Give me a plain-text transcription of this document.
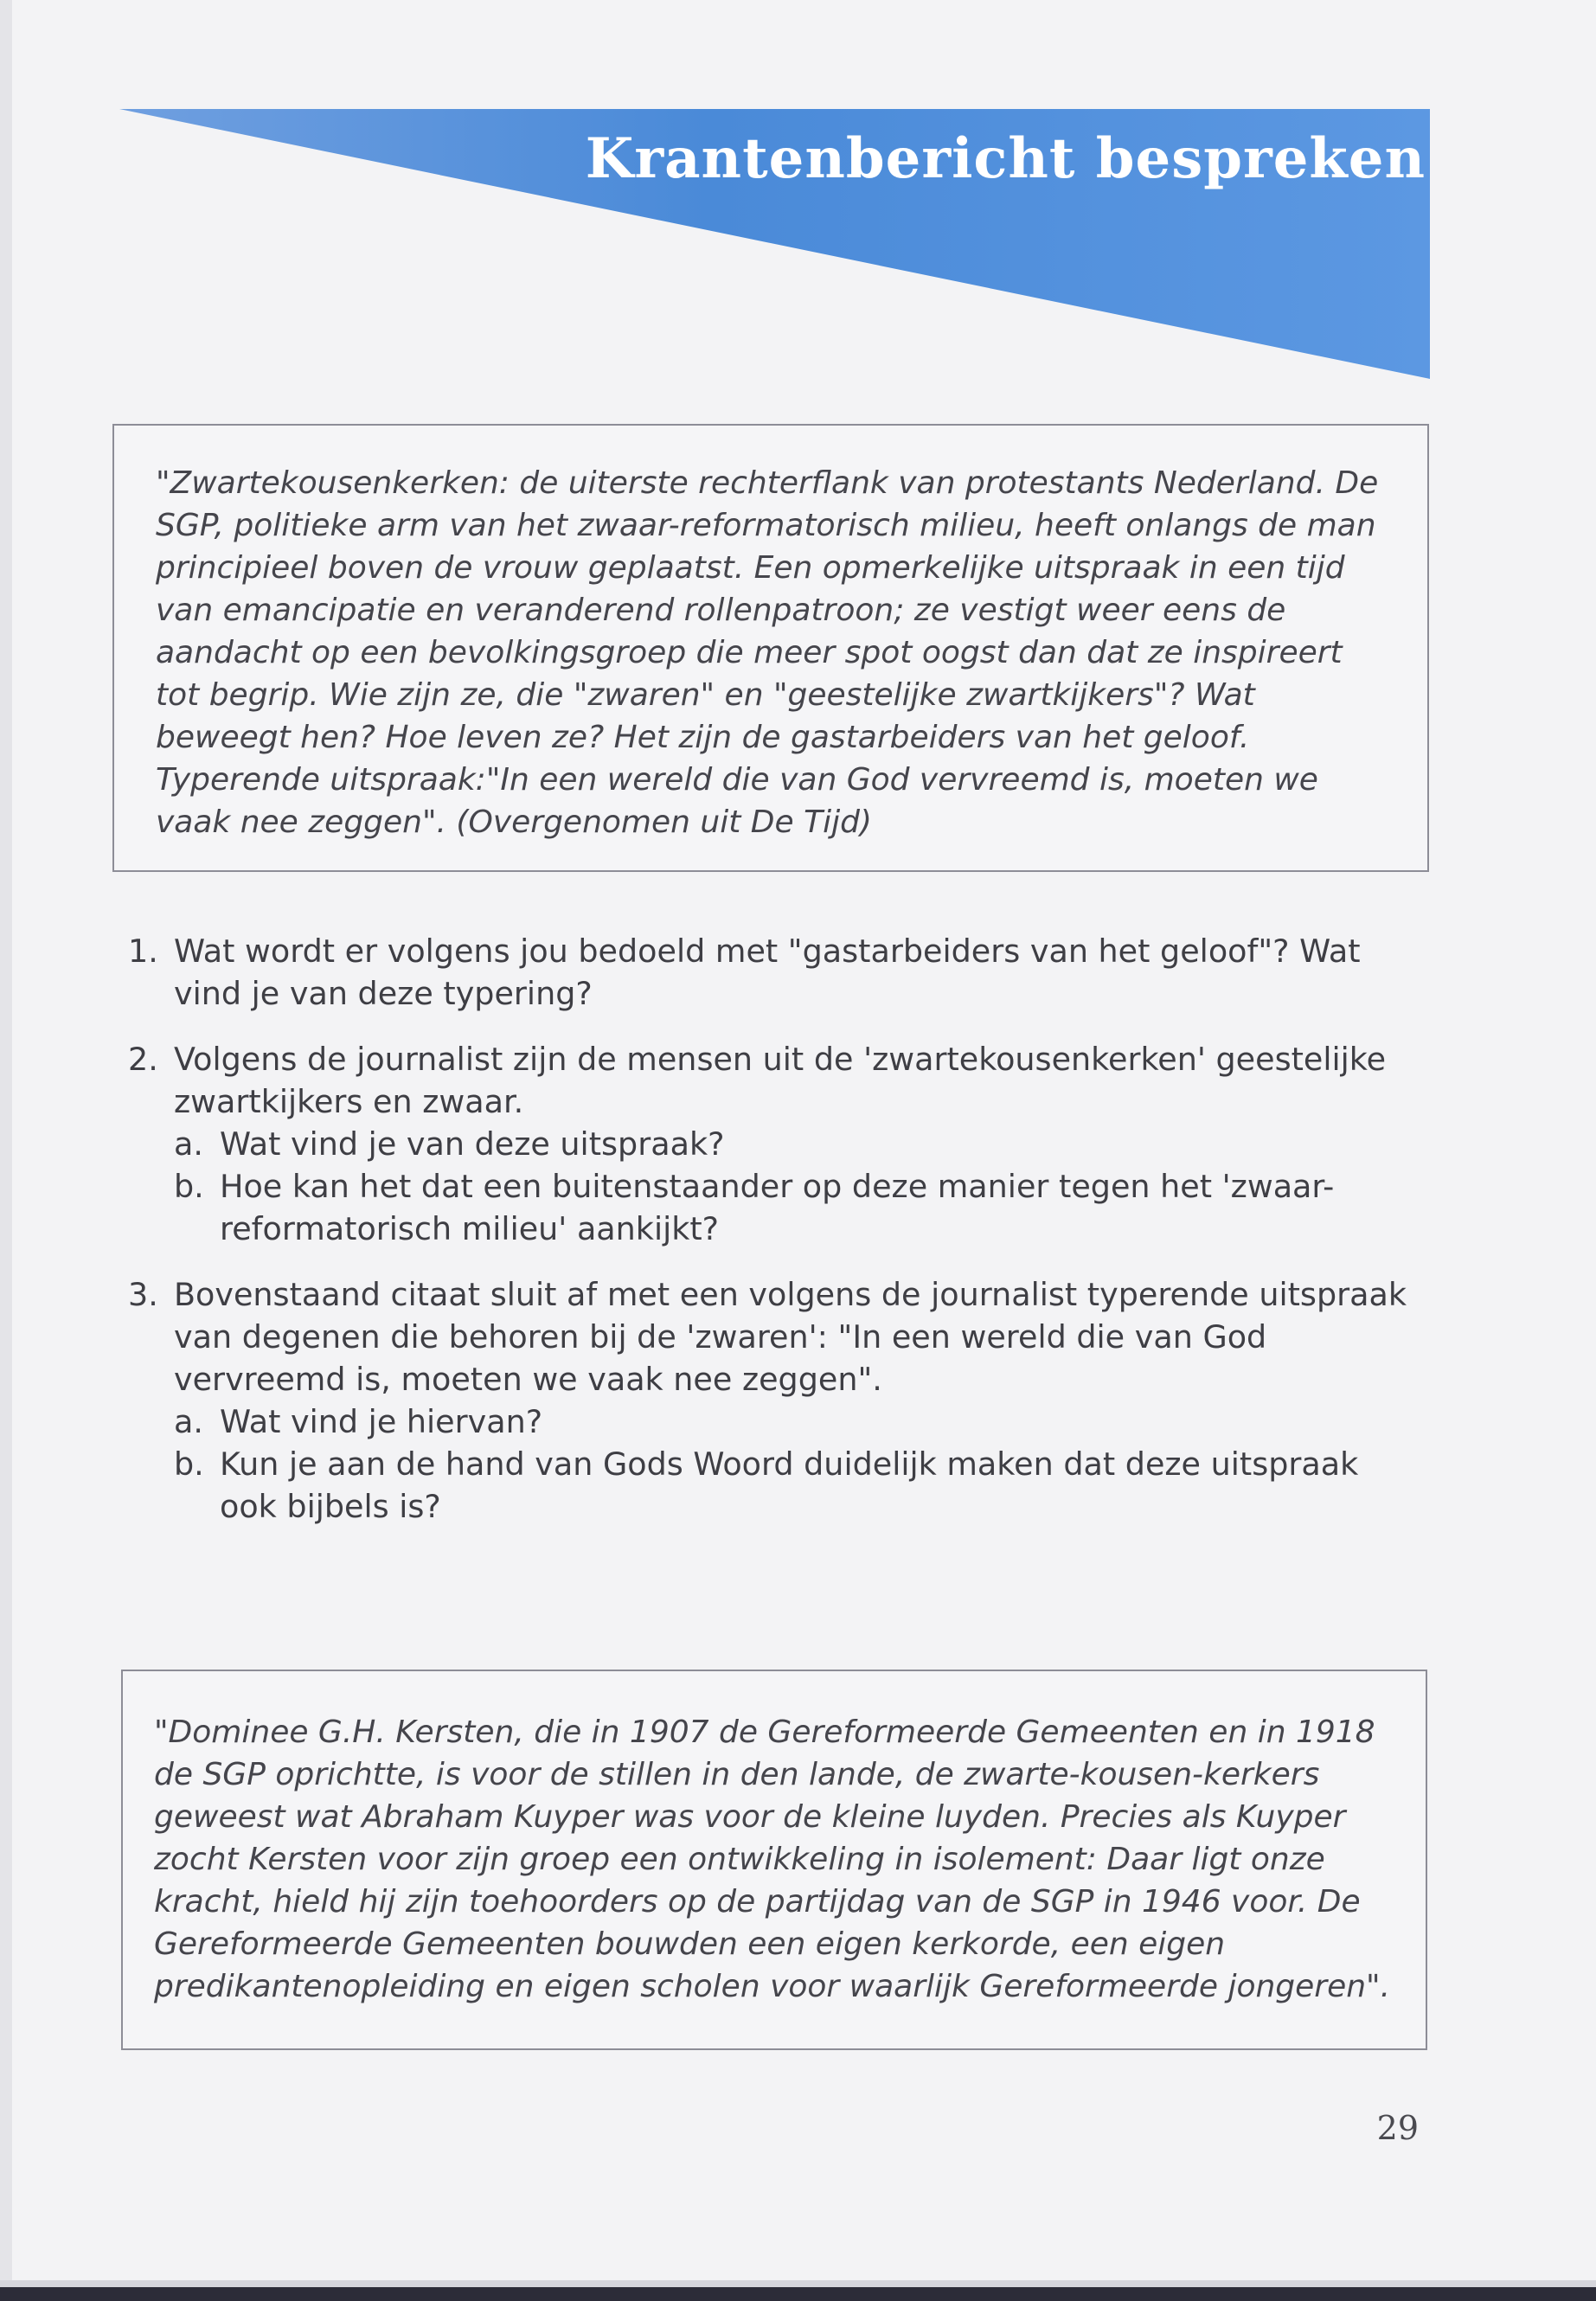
Krantenbericht bespreken

"Zwartekousenkerken: de uiterste rechterflank van protestants Nederland. De SGP, politieke arm van het zwaar-reformatorisch milieu, heeft onlangs de man principieel boven de vrouw geplaatst. Een opmerkelijke uitspraak in een tijd van emancipatie en veranderend rollenpatroon; ze vestigt weer eens de aandacht op een bevolkingsgroep die meer spot oogst dan dat ze inspireert tot begrip. Wie zijn ze, die "zwaren" en "geestelijke zwartkijkers"? Wat beweegt hen? Hoe leven ze? Het zijn de gastarbeiders van het geloof. Typerende uitspraak:"In een wereld die van God vervreemd is, moeten we vaak nee zeggen". (Overgenomen uit De Tijd)

1. Wat wordt er volgens jou bedoeld met "gastarbeiders van het geloof"? Wat vind je van deze typering?
2. Volgens de journalist zijn de mensen uit de 'zwartekousenkerken' geestelijke zwartkijkers en zwaar.
a. Wat vind je van deze uitspraak?
b. Hoe kan het dat een buitenstaander op deze manier tegen het 'zwaar-reformatorisch milieu' aankijkt?
3. Bovenstaand citaat sluit af met een volgens de journalist typerende uitspraak van degenen die behoren bij de 'zwaren': "In een wereld die van God vervreemd is, moeten we vaak nee zeggen".
a. Wat vind je hiervan?
b. Kun je aan de hand van Gods Woord duidelijk maken dat deze uitspraak ook bijbels is?

"Dominee G.H. Kersten, die in 1907 de Gereformeerde Gemeenten en in 1918 de SGP oprichtte, is voor de stillen in den lande, de zwarte-kousen-kerkers geweest wat Abraham Kuyper was voor de kleine luyden. Precies als Kuyper zocht Kersten voor zijn groep een ontwikkeling in isolement: Daar ligt onze kracht, hield hij zijn toehoorders op de partijdag van de SGP in 1946 voor. De Gereformeerde Gemeenten bouwden een eigen kerkorde, een eigen predikantenopleiding en eigen scholen voor waarlijk Gereformeerde jongeren".

29
